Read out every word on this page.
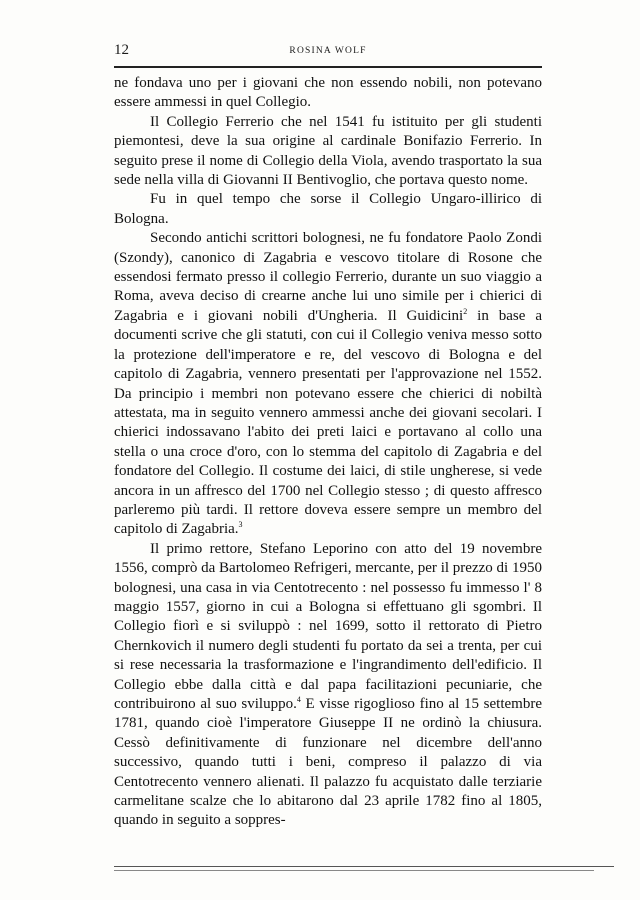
12	ROSINA WOLF

ne fondava uno per i giovani che non essendo nobili, non potevano essere ammessi in quel Collegio.

Il Collegio Ferrerio che nel 1541 fu istituito per gli studenti piemontesi, deve la sua origine al cardinale Bonifazio Ferrerio. In seguito prese il nome di Collegio della Viola, avendo trasportato la sua sede nella villa di Giovanni II Bentivoglio, che portava questo nome.

Fu in quel tempo che sorse il Collegio Ungaro-illirico di Bologna.

Secondo antichi scrittori bolognesi, ne fu fondatore Paolo Zondi (Szondy), canonico di Zagabria e vescovo titolare di Rosone che essendosi fermato presso il collegio Ferrerio, durante un suo viaggio a Roma, aveva deciso di crearne anche lui uno simile per i chierici di Zagabria e i giovani nobili d'Ungheria. Il Guidicini$^2$ in base a documenti scrive che gli statuti, con cui il Collegio veniva messo sotto la protezione dell'imperatore e re, del vescovo di Bologna e del capitolo di Zagabria, vennero presentati per l'approvazione nel 1552. Da principio i membri non potevano essere che chierici di nobiltà attestata, ma in seguito vennero ammessi anche dei giovani secolari. I chierici indossavano l'abito dei preti laici e portavano al collo una stella o una croce d'oro, con lo stemma del capitolo di Zagabria e del fondatore del Collegio. Il costume dei laici, di stile ungherese, si vede ancora in un affresco del 1700 nel Collegio stesso ; di questo affresco parleremo più tardi. Il rettore doveva essere sempre un membro del capitolo di Zagabria.$^3$

Il primo rettore, Stefano Leporino con atto del 19 novembre 1556, comprò da Bartolomeo Refrigeri, mercante, per il prezzo di 1950 bolognesi, una casa in via Centotrecento : nel possesso fu immesso l' 8 maggio 1557, giorno in cui a Bologna si effettuano gli sgombri. Il Collegio fiorì e si sviluppò : nel 1699, sotto il rettorato di Pietro Chernkovich il numero degli studenti fu portato da sei a trenta, per cui si rese necessaria la trasformazione e l'ingrandimento dell'edificio. Il Collegio ebbe dalla città e dal papa facilitazioni pecuniarie, che contribuirono al suo sviluppo.$^4$ E visse rigoglioso fino al 15 settembre 1781, quando cioè l'imperatore Giuseppe II ne ordinò la chiusura. Cessò definitivamente di funzionare nel dicembre dell'anno successivo, quando tutti i beni, compreso il palazzo di via Centotrecento vennero alienati. Il palazzo fu acquistato dalle terziarie carmelitane scalze che lo abitarono dal 23 aprile 1782 fino al 1805, quando in seguito a soppres-
